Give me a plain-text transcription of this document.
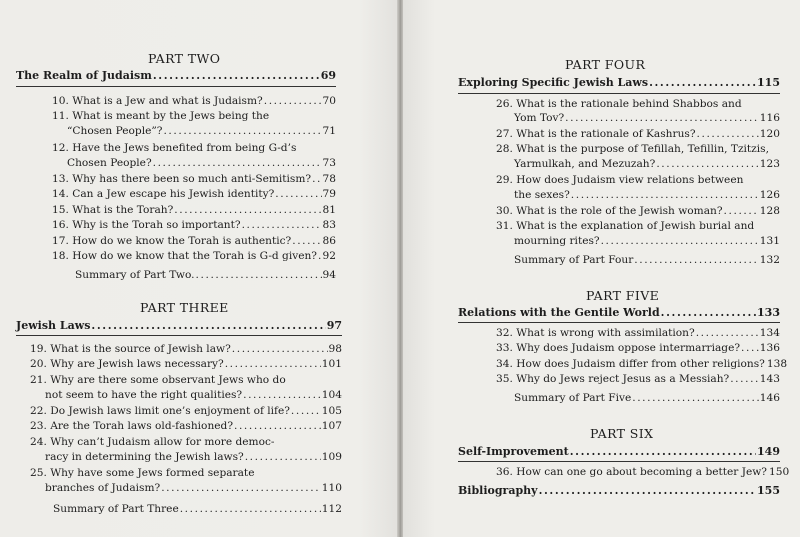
PART TWO
The Realm of Judaism .....	69
10. What is a Jew and what is Judaism? .....	70
11. What is meant by the Jews being the
“Chosen People”? .....	71
12. Have the Jews benefited from being G-d’s
Chosen People? .....	73
13. Why has there been so much anti-Semitism? ..... 78
14. Can a Jew escape his Jewish identity? .....	79
15. What is the Torah? .....	81
16. Why is the Torah so important? .....	83
17. How do we know the Torah is authentic? .....	86
18. How do we know that the Torah is G-d given? ..... 92
Summary of Part Two. .....	94
PART THREE
Jewish Laws .....	97
19. What is the source of Jewish law? .....	98
20. Why are Jewish laws necessary? .....	101
21. Why are there some observant Jews who do
not seem to have the right qualities? .....	104
22. Do Jewish laws limit one’s enjoyment of life? .....	105
23. Are the Torah laws old-fashioned? .....	107
24. Why can’t Judaism allow for more democ-
racy in determining the Jewish laws? .....	109
25. Why have some Jews formed separate
branches of Judaism? .....	110
Summary of Part Three .....	112
PART FOUR
Exploring Specific Jewish Laws .....	115
26. What is the rationale behind Shabbos and
Yom Tov? .....	116
27. What is the rationale of Kashrus? .....	120
28. What is the purpose of Tefillah, Tefillin, Tzitzis,
Yarmulkah, and Mezuzah? .....	123
29. How does Judaism view relations between
the sexes? .....	126
30. What is the role of the Jewish woman? .....	128
31. What is the explanation of Jewish burial and
mourning rites? .....	131
Summary of Part Four .....	132
PART FIVE
Relations with the Gentile World .....	133
32. What is wrong with assimilation? .....	134
33. Why does Judaism oppose intermarriage? ..... 136
34. How does Judaism differ from other religions? 138
35. Why do Jews reject Jesus as a Messiah? .....	143
Summary of Part Five .....	146
PART SIX
Self-Improvement .....	149
36. How can one go about becoming a better Jew? 150
Bibliography .....	155
